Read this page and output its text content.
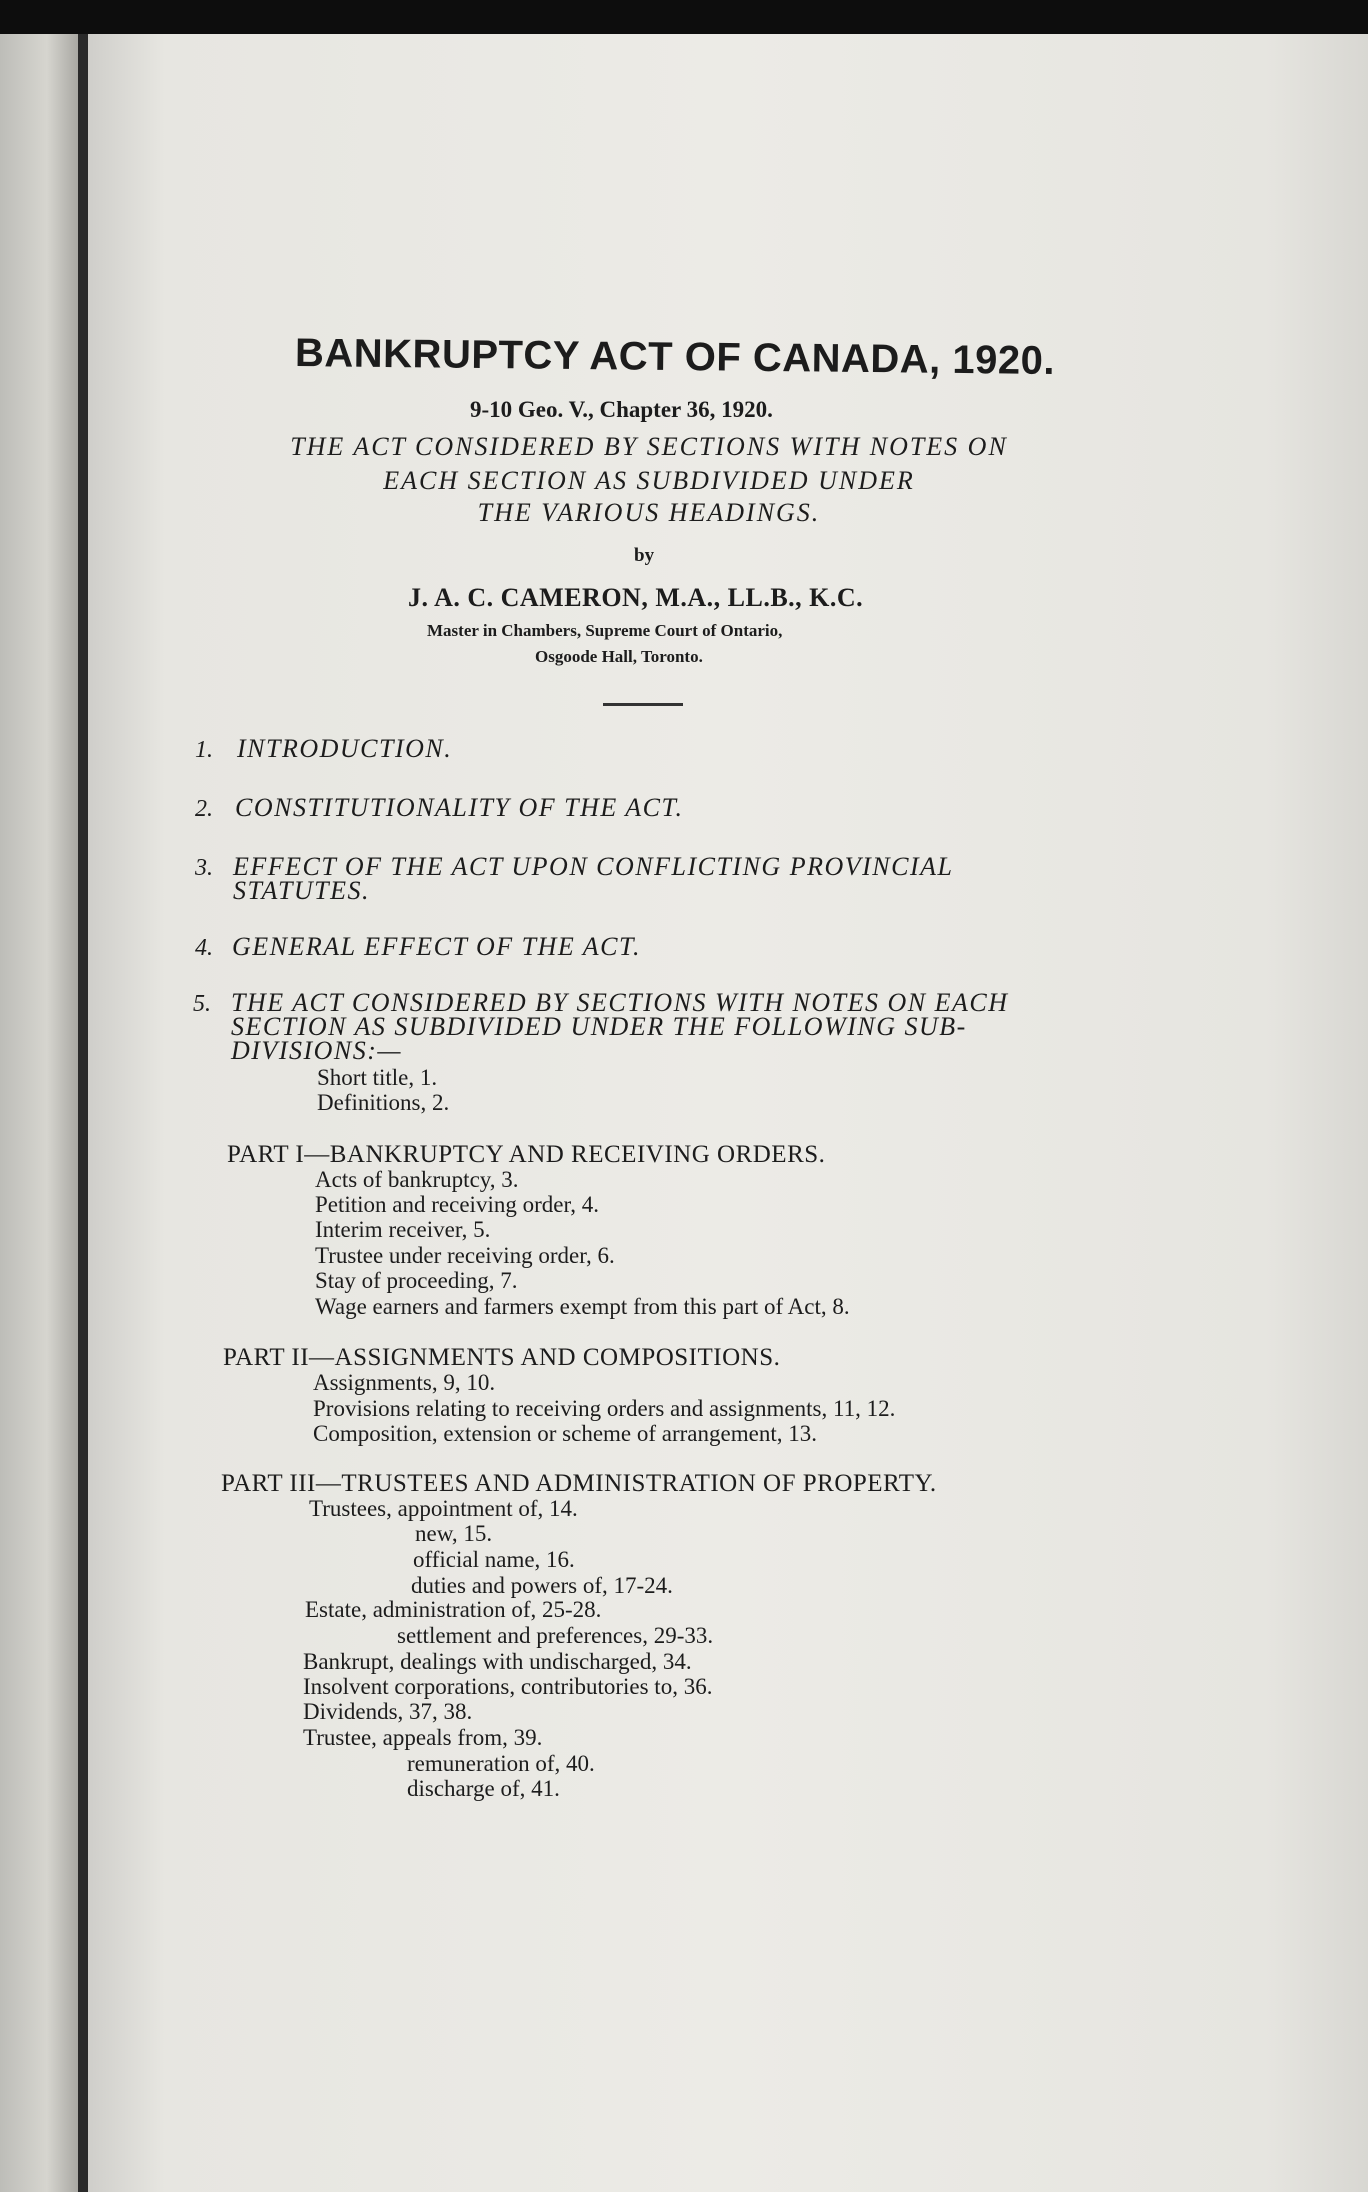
BANKRUPTCY ACT OF CANADA, 1920.
9-10 Geo. V., Chapter 36, 1920.
THE ACT CONSIDERED BY SECTIONS WITH NOTES ON
EACH SECTION AS SUBDIVIDED UNDER
THE VARIOUS HEADINGS.
by
J. A. C. CAMERON, M.A., LL.B., K.C.
Master in Chambers, Supreme Court of Ontario,
Osgoode Hall, Toronto.
1. INTRODUCTION.
2. CONSTITUTIONALITY OF THE ACT.
3. EFFECT OF THE ACT UPON CONFLICTING PROVINCIAL
STATUTES.
4. GENERAL EFFECT OF THE ACT.
5. THE ACT CONSIDERED BY SECTIONS WITH NOTES ON EACH
SECTION AS SUBDIVIDED UNDER THE FOLLOWING SUB-
DIVISIONS:—
Short title, 1.
Definitions, 2.
PART I—BANKRUPTCY AND RECEIVING ORDERS.
Acts of bankruptcy, 3.
Petition and receiving order, 4.
Interim receiver, 5.
Trustee under receiving order, 6.
Stay of proceeding, 7.
Wage earners and farmers exempt from this part of Act, 8.
PART II—ASSIGNMENTS AND COMPOSITIONS.
Assignments, 9, 10.
Provisions relating to receiving orders and assignments, 11, 12.
Composition, extension or scheme of arrangement, 13.
PART III—TRUSTEES AND ADMINISTRATION OF PROPERTY.
Trustees, appointment of, 14.
new, 15.
official name, 16.
duties and powers of, 17-24.
Estate, administration of, 25-28.
settlement and preferences, 29-33.
Bankrupt, dealings with undischarged, 34.
Insolvent corporations, contributories to, 36.
Dividends, 37, 38.
Trustee, appeals from, 39.
remuneration of, 40.
discharge of, 41.
